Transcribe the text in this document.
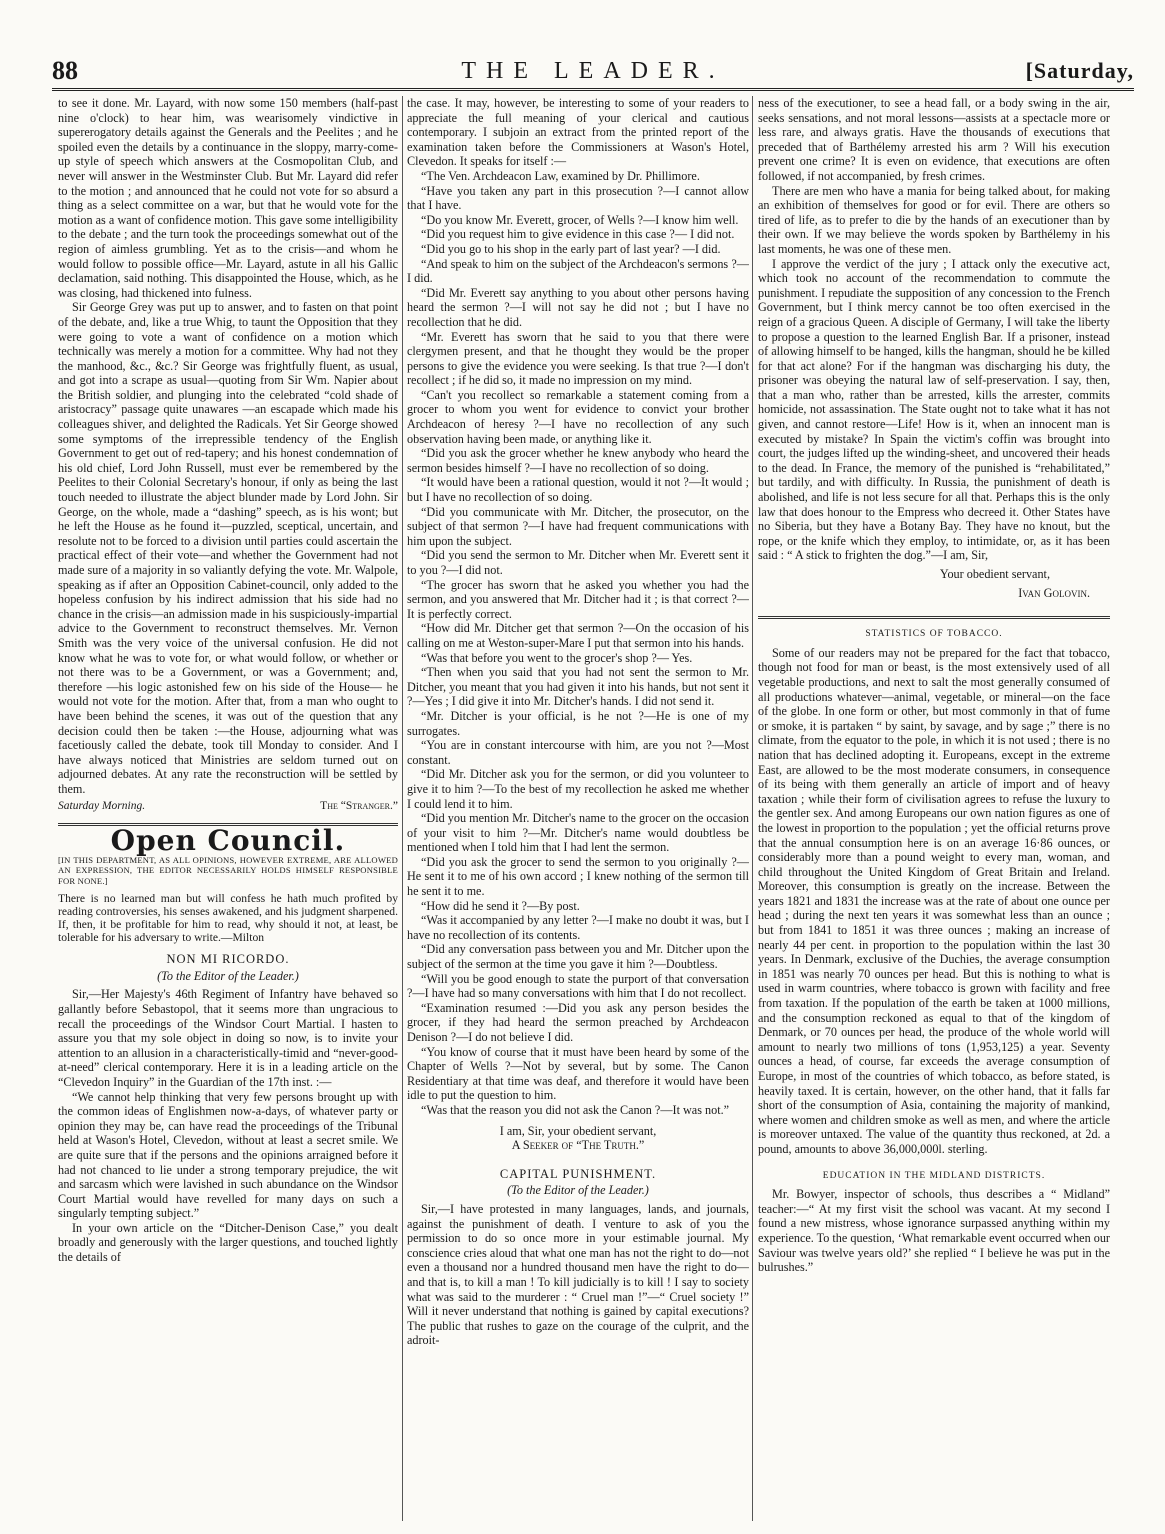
88	THE LEADER.	[Saturday,

to see it done. Mr. Layard, with now some 150 members (half-past nine o'clock) to hear him, was wearisomely vindictive in supererogatory details against the Generals and the Peelites ; and he spoiled even the details by a continuance in the sloppy, marry-come-up style of speech which answers at the Cosmopolitan Club, and never will answer in the Westminster Club. But Mr. Layard did refer to the motion ; and announced that he could not vote for so absurd a thing as a select committee on a war, but that he would vote for the motion as a want of confidence motion. This gave some intelligibility to the debate ; and the turn took the proceedings somewhat out of the region of aimless grumbling. Yet as to the crisis—and whom he would follow to possible office—Mr. Layard, astute in all his Gallic declamation, said nothing. This disappointed the House, which, as he was closing, had thickened into fulness.

Sir George Grey was put up to answer, and to fasten on that point of the debate, and, like a true Whig, to taunt the Opposition that they were going to vote a want of confidence on a motion which technically was merely a motion for a committee. Why had not they the manhood, &c., &c.? Sir George was frightfully fluent, as usual, and got into a scrape as usual—quoting from Sir Wm. Napier about the British soldier, and plunging into the celebrated “cold shade of aristocracy” passage quite unawares —an escapade which made his colleagues shiver, and delighted the Radicals. Yet Sir George showed some symptoms of the irrepressible tendency of the English Government to get out of red-tapery; and his honest condemnation of his old chief, Lord John Russell, must ever be remembered by the Peelites to their Colonial Secretary's honour, if only as being the last touch needed to illustrate the abject blunder made by Lord John. Sir George, on the whole, made a “dashing” speech, as is his wont; but he left the House as he found it—puzzled, sceptical, uncertain, and resolute not to be forced to a division until parties could ascertain the practical effect of their vote—and whether the Government had not made sure of a majority in so valiantly defying the vote. Mr. Walpole, speaking as if after an Opposition Cabinet-council, only added to the hopeless confusion by his indirect admission that his side had no chance in the crisis—an admission made in his suspiciously-impartial advice to the Government to reconstruct themselves. Mr. Vernon Smith was the very voice of the universal confusion. He did not know what he was to vote for, or what would follow, or whether or not there was to be a Government, or was a Government; and, therefore —his logic astonished few on his side of the House— he would not vote for the motion. After that, from a man who ought to have been behind the scenes, it was out of the question that any decision could then be taken :—the House, adjourning what was facetiously called the debate, took till Monday to consider. And I have always noticed that Ministries are seldom turned out on adjourned debates. At any rate the reconstruction will be settled by them.

Saturday Morning.	The “Stranger.”
Open Council.
[IN THIS DEPARTMENT, AS ALL OPINIONS, HOWEVER EXTREME, ARE ALLOWED AN EXPRESSION, THE EDITOR NECESSARILY HOLDS HIMSELF RESPONSIBLE FOR NONE.]
There is no learned man but will confess he hath much profited by reading controversies, his senses awakened, and his judgment sharpened. If, then, it be profitable for him to read, why should it not, at least, be tolerable for his adversary to write.—Milton
NON MI RICORDO.
(To the Editor of the Leader.)

Sir,—Her Majesty's 46th Regiment of Infantry have behaved so gallantly before Sebastopol, that it seems more than ungracious to recall the proceedings of the Windsor Court Martial. I hasten to assure you that my sole object in doing so now, is to invite your attention to an allusion in a characteristically-timid and “never-good-at-need” clerical contemporary. Here it is in a leading article on the “Clevedon Inquiry” in the Guardian of the 17th inst. :—

“We cannot help thinking that very few persons brought up with the common ideas of Englishmen now-a-days, of whatever party or opinion they may be, can have read the proceedings of the Tribunal held at Wason's Hotel, Clevedon, without at least a secret smile. We are quite sure that if the persons and the opinions arraigned before it had not chanced to lie under a strong temporary prejudice, the wit and sarcasm which were lavished in such abundance on the Windsor Court Martial would have revelled for many days on such a singularly tempting subject.”

In your own article on the “Ditcher-Denison Case,” you dealt broadly and generously with the larger questions, and touched lightly the details of

the case. It may, however, be interesting to some of your readers to appreciate the full meaning of your clerical and cautious contemporary. I subjoin an extract from the printed report of the examination taken before the Commissioners at Wason's Hotel, Clevedon. It speaks for itself :—

“The Ven. Archdeacon Law, examined by Dr. Phillimore.

“Have you taken any part in this prosecution ?—I cannot allow that I have.

“Do you know Mr. Everett, grocer, of Wells ?—I know him well.

“Did you request him to give evidence in this case ?— I did not.

“Did you go to his shop in the early part of last year? —I did.

“And speak to him on the subject of the Archdeacon's sermons ?—I did.

“Did Mr. Everett say anything to you about other persons having heard the sermon ?—I will not say he did not ; but I have no recollection that he did.

“Mr. Everett has sworn that he said to you that there were clergymen present, and that he thought they would be the proper persons to give the evidence you were seeking. Is that true ?—I don't recollect ; if he did so, it made no impression on my mind.

“Can't you recollect so remarkable a statement coming from a grocer to whom you went for evidence to convict your brother Archdeacon of heresy ?—I have no recollection of any such observation having been made, or anything like it.

“Did you ask the grocer whether he knew anybody who heard the sermon besides himself ?—I have no recollection of so doing.

“It would have been a rational question, would it not ?—It would ; but I have no recollection of so doing.

“Did you communicate with Mr. Ditcher, the prosecutor, on the subject of that sermon ?—I have had frequent communications with him upon the subject.

“Did you send the sermon to Mr. Ditcher when Mr. Everett sent it to you ?—I did not.

“The grocer has sworn that he asked you whether you had the sermon, and you answered that Mr. Ditcher had it ; is that correct ?—It is perfectly correct.

“How did Mr. Ditcher get that sermon ?—On the occasion of his calling on me at Weston-super-Mare I put that sermon into his hands.

“Was that before you went to the grocer's shop ?— Yes.

“Then when you said that you had not sent the sermon to Mr. Ditcher, you meant that you had given it into his hands, but not sent it ?—Yes ; I did give it into Mr. Ditcher's hands. I did not send it.

“Mr. Ditcher is your official, is he not ?—He is one of my surrogates.

“You are in constant intercourse with him, are you not ?—Most constant.

“Did Mr. Ditcher ask you for the sermon, or did you volunteer to give it to him ?—To the best of my recollection he asked me whether I could lend it to him.

“Did you mention Mr. Ditcher's name to the grocer on the occasion of your visit to him ?—Mr. Ditcher's name would doubtless be mentioned when I told him that I had lent the sermon.

“Did you ask the grocer to send the sermon to you originally ?—He sent it to me of his own accord ; I knew nothing of the sermon till he sent it to me.

“How did he send it ?—By post.

“Was it accompanied by any letter ?—I make no doubt it was, but I have no recollection of its contents.

“Did any conversation pass between you and Mr. Ditcher upon the subject of the sermon at the time you gave it him ?—Doubtless.

“Will you be good enough to state the purport of that conversation ?—I have had so many conversations with him that I do not recollect.

“Examination resumed :—Did you ask any person besides the grocer, if they had heard the sermon preached by Archdeacon Denison ?—I do not believe I did.

“You know of course that it must have been heard by some of the Chapter of Wells ?—Not by several, but by some. The Canon Residentiary at that time was deaf, and therefore it would have been idle to put the question to him.

“Was that the reason you did not ask the Canon ?—It was not.”

I am, Sir, your obedient servant,
A Seeker of “The Truth.”
CAPITAL PUNISHMENT.
(To the Editor of the Leader.)

Sir,—I have protested in many languages, lands, and journals, against the punishment of death. I venture to ask of you the permission to do so once more in your estimable journal. My conscience cries aloud that what one man has not the right to do—not even a thousand nor a hundred thousand men have the right to do—and that is, to kill a man ! To kill judicially is to kill ! I say to society what was said to the murderer : “ Cruel man !”—“ Cruel society !” Will it never understand that nothing is gained by capital executions? The public that rushes to gaze on the courage of the culprit, and the adroit-

ness of the executioner, to see a head fall, or a body swing in the air, seeks sensations, and not moral lessons—assists at a spectacle more or less rare, and always gratis. Have the thousands of executions that preceded that of Barthélemy arrested his arm ? Will his execution prevent one crime? It is even on evidence, that executions are often followed, if not accompanied, by fresh crimes.

There are men who have a mania for being talked about, for making an exhibition of themselves for good or for evil. There are others so tired of life, as to prefer to die by the hands of an executioner than by their own. If we may believe the words spoken by Barthélemy in his last moments, he was one of these men.

I approve the verdict of the jury ; I attack only the executive act, which took no account of the recommendation to commute the punishment. I repudiate the supposition of any concession to the French Government, but I think mercy cannot be too often exercised in the reign of a gracious Queen. A disciple of Germany, I will take the liberty to propose a question to the learned English Bar. If a prisoner, instead of allowing himself to be hanged, kills the hangman, should he be killed for that act alone? For if the hangman was discharging his duty, the prisoner was obeying the natural law of self-preservation. I say, then, that a man who, rather than be arrested, kills the arrester, commits homicide, not assassination. The State ought not to take what it has not given, and cannot restore—Life! How is it, when an innocent man is executed by mistake? In Spain the victim's coffin was brought into court, the judges lifted up the winding-sheet, and uncovered their heads to the dead. In France, the memory of the punished is “rehabilitated,” but tardily, and with difficulty. In Russia, the punishment of death is abolished, and life is not less secure for all that. Perhaps this is the only law that does honour to the Empress who decreed it. Other States have no Siberia, but they have a Botany Bay. They have no knout, but the rope, or the knife which they employ, to intimidate, or, as it has been said : “ A stick to frighten the dog.”—I am, Sir,

Your obedient servant,
Ivan Golovin.
STATISTICS OF TOBACCO.

Some of our readers may not be prepared for the fact that tobacco, though not food for man or beast, is the most extensively used of all vegetable productions, and next to salt the most generally consumed of all productions whatever—animal, vegetable, or mineral—on the face of the globe. In one form or other, but most commonly in that of fume or smoke, it is partaken “ by saint, by savage, and by sage ;” there is no climate, from the equator to the pole, in which it is not used ; there is no nation that has declined adopting it. Europeans, except in the extreme East, are allowed to be the most moderate consumers, in consequence of its being with them generally an article of import and of heavy taxation ; while their form of civilisation agrees to refuse the luxury to the gentler sex. And among Europeans our own nation figures as one of the lowest in proportion to the population ; yet the official returns prove that the annual consumption here is on an average 16·86 ounces, or considerably more than a pound weight to every man, woman, and child throughout the United Kingdom of Great Britain and Ireland. Moreover, this consumption is greatly on the increase. Between the years 1821 and 1831 the increase was at the rate of about one ounce per head ; during the next ten years it was somewhat less than an ounce ; but from 1841 to 1851 it was three ounces ; making an increase of nearly 44 per cent. in proportion to the population within the last 30 years. In Denmark, exclusive of the Duchies, the average consumption in 1851 was nearly 70 ounces per head. But this is nothing to what is used in warm countries, where tobacco is grown with facility and free from taxation. If the population of the earth be taken at 1000 millions, and the consumption reckoned as equal to that of the kingdom of Denmark, or 70 ounces per head, the produce of the whole world will amount to nearly two millions of tons (1,953,125) a year. Seventy ounces a head, of course, far exceeds the average consumption of Europe, in most of the countries of which tobacco, as before stated, is heavily taxed. It is certain, however, on the other hand, that it falls far short of the consumption of Asia, containing the majority of mankind, where women and children smoke as well as men, and where the article is moreover untaxed. The value of the quantity thus reckoned, at 2d. a pound, amounts to above 36,000,000l. sterling.

EDUCATION IN THE MIDLAND DISTRICTS.

Mr. Bowyer, inspector of schools, thus describes a “ Midland” teacher:—“ At my first visit the school was vacant. At my second I found a new mistress, whose ignorance surpassed anything within my experience. To the question, ‘What remarkable event occurred when our Saviour was twelve years old?’ she replied “ I believe he was put in the bulrushes.”
